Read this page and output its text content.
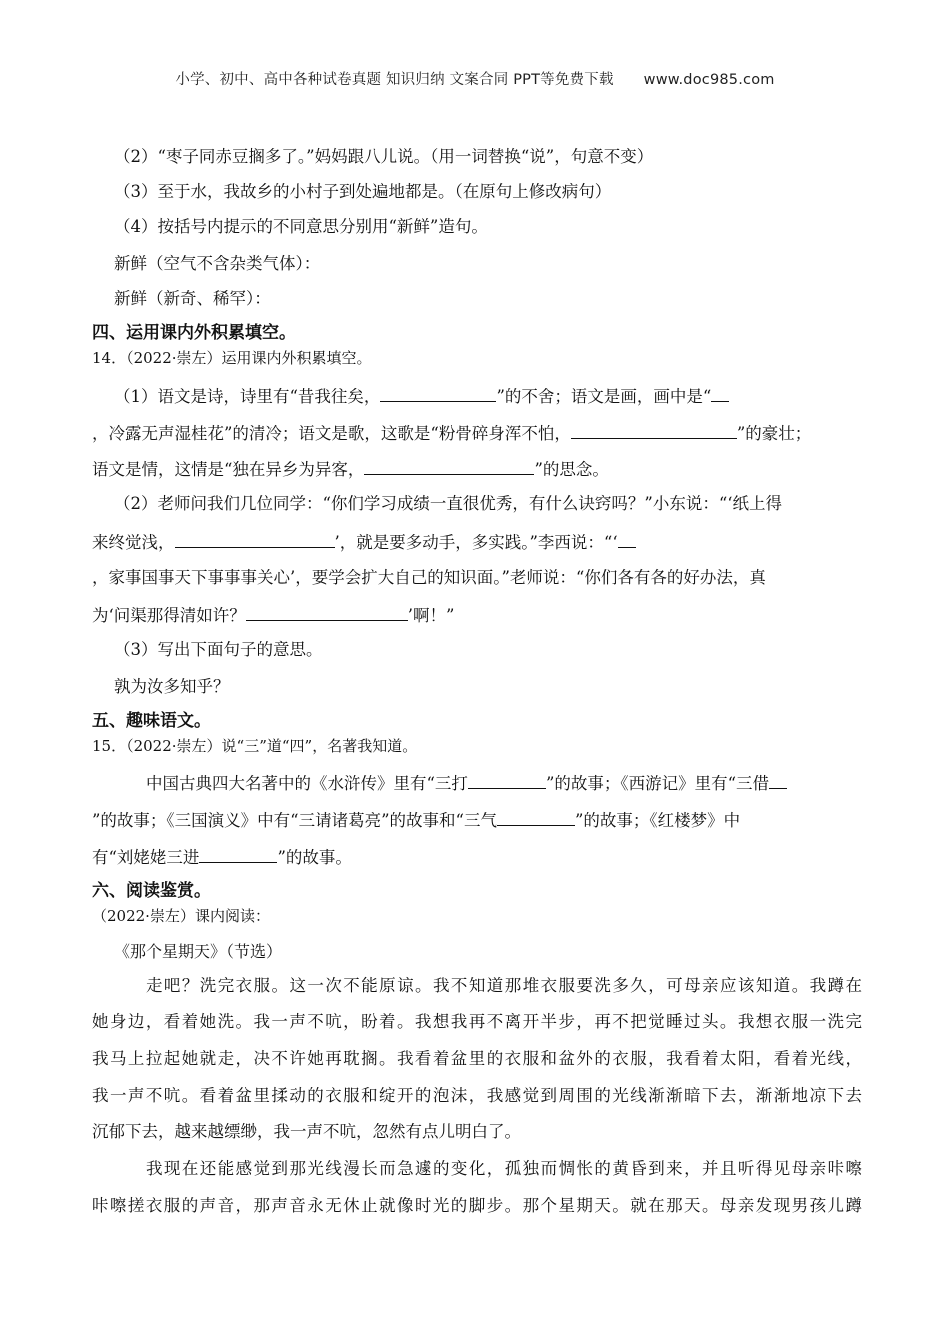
小学、初中、高中各种试卷真题 知识归纳 文案合同 PPT等免费下载 www.doc985.com
（2）“枣子同赤豆搁多了。”妈妈跟八儿说。（用一词替换“说”，句意不变）
（3）至于水，我故乡的小村子到处遍地都是。（在原句上修改病句）
（4）按括号内提示的不同意思分别用“新鲜”造句。
新鲜（空气不含杂类气体）：
新鲜（新奇、稀罕）：
四、运用课内外积累填空。
14．（2022·崇左）运用课内外积累填空。
（1）语文是诗，诗里有“昔我往矣，	”的不舍；语文是画，画中是“
，冷露无声湿桂花”的清冷；语文是歌，这歌是“粉骨碎身浑不怕，	”的豪壮；
语文是情，这情是“独在异乡为异客，	”的思念。
（2）老师问我们几位同学：“你们学习成绩一直很优秀，有什么诀窍吗？”小东说：“‘纸上得
来终觉浅，	’，就是要多动手，多实践。”李西说：“‘
，家事国事天下事事事关心’，要学会扩大自己的知识面。”老师说：“你们各有各的好办法，真
为‘问渠那得清如许？	’啊！”
（3）写出下面句子的意思。
孰为汝多知乎？
五、趣味语文。
15．（2022·崇左）说“三”道“四”，名著我知道。
中国古典四大名著中的《水浒传》里有“三打	”的故事；《西游记》里有“三借
”的故事；《三国演义》中有“三请诸葛亮”的故事和“三气	”的故事；《红楼梦》中
有“刘姥姥三进	”的故事。
六、阅读鉴赏。
（2022·崇左）课内阅读：
《那个星期天》（节选）
走吧？洗完衣服。这一次不能原谅。我不知道那堆衣服要洗多久，可母亲应该知道。我蹲在
她身边，看着她洗。我一声不吭，盼着。我想我再不离开半步，再不把觉睡过头。我想衣服一洗完
我马上拉起她就走，决不许她再耽搁。我看着盆里的衣服和盆外的衣服，我看着太阳，看着光线，
我一声不吭。看着盆里揉动的衣服和绽开的泡沫，我感觉到周围的光线渐渐暗下去，渐渐地凉下去
沉郁下去，越来越缥缈，我一声不吭，忽然有点儿明白了。
我现在还能感觉到那光线漫长而急遽的变化，孤独而惆怅的黄昏到来，并且听得见母亲咔嚓
咔嚓搓衣服的声音，那声音永无休止就像时光的脚步。那个星期天。就在那天。母亲发现男孩儿蹲
